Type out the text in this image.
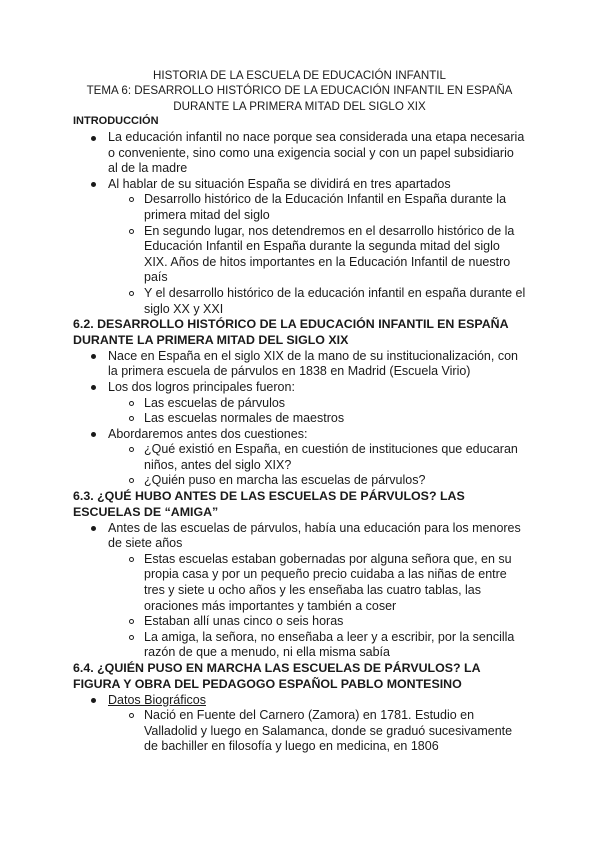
HISTORIA DE LA ESCUELA DE EDUCACIÓN INFANTIL
TEMA 6: DESARROLLO HISTÓRICO DE LA EDUCACIÓN INFANTIL EN ESPAÑA
DURANTE LA PRIMERA MITAD DEL SIGLO XIX
INTRODUCCIÓN
La educación infantil no nace porque sea considerada una etapa necesaria o conveniente, sino como una exigencia social y con un papel subsidiario al de la madre
Al hablar de su situación España se dividirá en tres apartados
Desarrollo histórico de la Educación Infantil en España durante la primera mitad del siglo
En segundo lugar, nos detendremos en el desarrollo histórico de la Educación Infantil en España durante la segunda mitad del siglo XIX. Años de hitos importantes en la Educación Infantil de nuestro país
Y el desarrollo histórico de la educación infantil en españa durante el siglo XX y XXI
6.2. DESARROLLO HISTÓRICO DE LA EDUCACIÓN INFANTIL EN ESPAÑA DURANTE LA PRIMERA MITAD DEL SIGLO XIX
Nace en España en el siglo XIX de la mano de su institucionalización, con la primera escuela de párvulos en 1838 en Madrid (Escuela Virio)
Los dos logros principales fueron:
Las escuelas de párvulos
Las escuelas normales de maestros
Abordaremos antes dos cuestiones:
¿Qué existió en España, en cuestión de instituciones que educaran niños, antes del siglo XIX?
¿Quién puso en marcha las escuelas de párvulos?
6.3. ¿QUÉ HUBO ANTES DE LAS ESCUELAS DE PÁRVULOS? LAS ESCUELAS DE “AMIGA”
Antes de las escuelas de párvulos, había una educación para los menores de siete años
Estas escuelas estaban gobernadas por alguna señora que, en su propia casa y por un pequeño precio cuidaba a las niñas de entre tres y siete u ocho años y les enseñaba las cuatro tablas, las oraciones más importantes y también a coser
Estaban allí unas cinco o seis horas
La amiga, la señora, no enseñaba a leer y a escribir, por la sencilla razón de que a menudo, ni ella misma sabía
6.4. ¿QUIÉN PUSO EN MARCHA LAS ESCUELAS DE PÁRVULOS? LA FIGURA Y OBRA DEL PEDAGOGO ESPAÑOL PABLO MONTESINO
Datos Biográficos
Nació en Fuente del Carnero (Zamora) en 1781. Estudio en Valladolid y luego en Salamanca, donde se graduó sucesivamente de bachiller en filosofía y luego en medicina, en 1806
